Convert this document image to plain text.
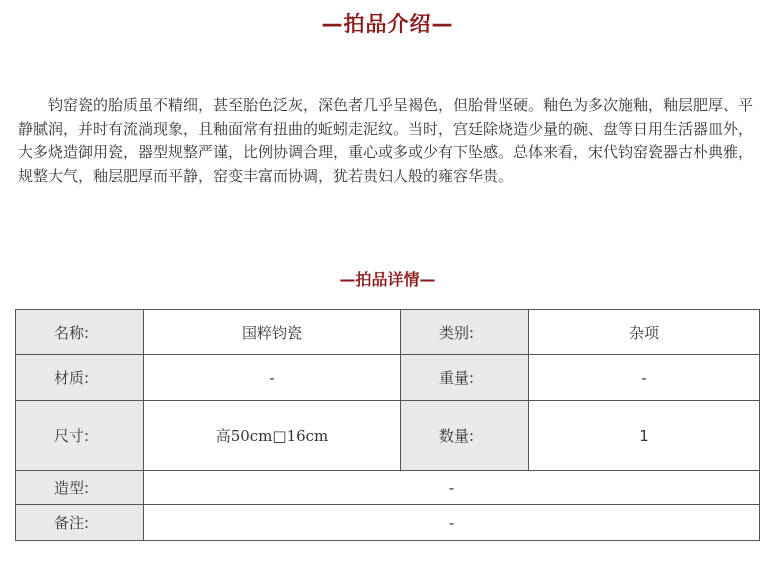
—拍品介绍—

钧窑瓷的胎质虽不精细，甚至胎色泛灰，深色者几乎呈褐色，但胎骨坚硬。釉色为多次施釉，釉层肥厚、平静腻润，并时有流淌现象，且釉面常有扭曲的蚯蚓走泥纹。当时，宫廷除烧造少量的碗、盘等日用生活器皿外，大多烧造御用瓷，器型规整严谨，比例协调合理，重心或多或少有下坠感。总体来看，宋代钧窑瓷器古朴典雅，规整大气，釉层肥厚而平静，窑变丰富而协调，犹若贵妇人般的雍容华贵。

—拍品详情—
名称:	国粹钧瓷	类别:	杂项
材质:	-	重量:	-
尺寸:	高50cm□16cm	数量:	1
造型:	-		
备注:	-		
